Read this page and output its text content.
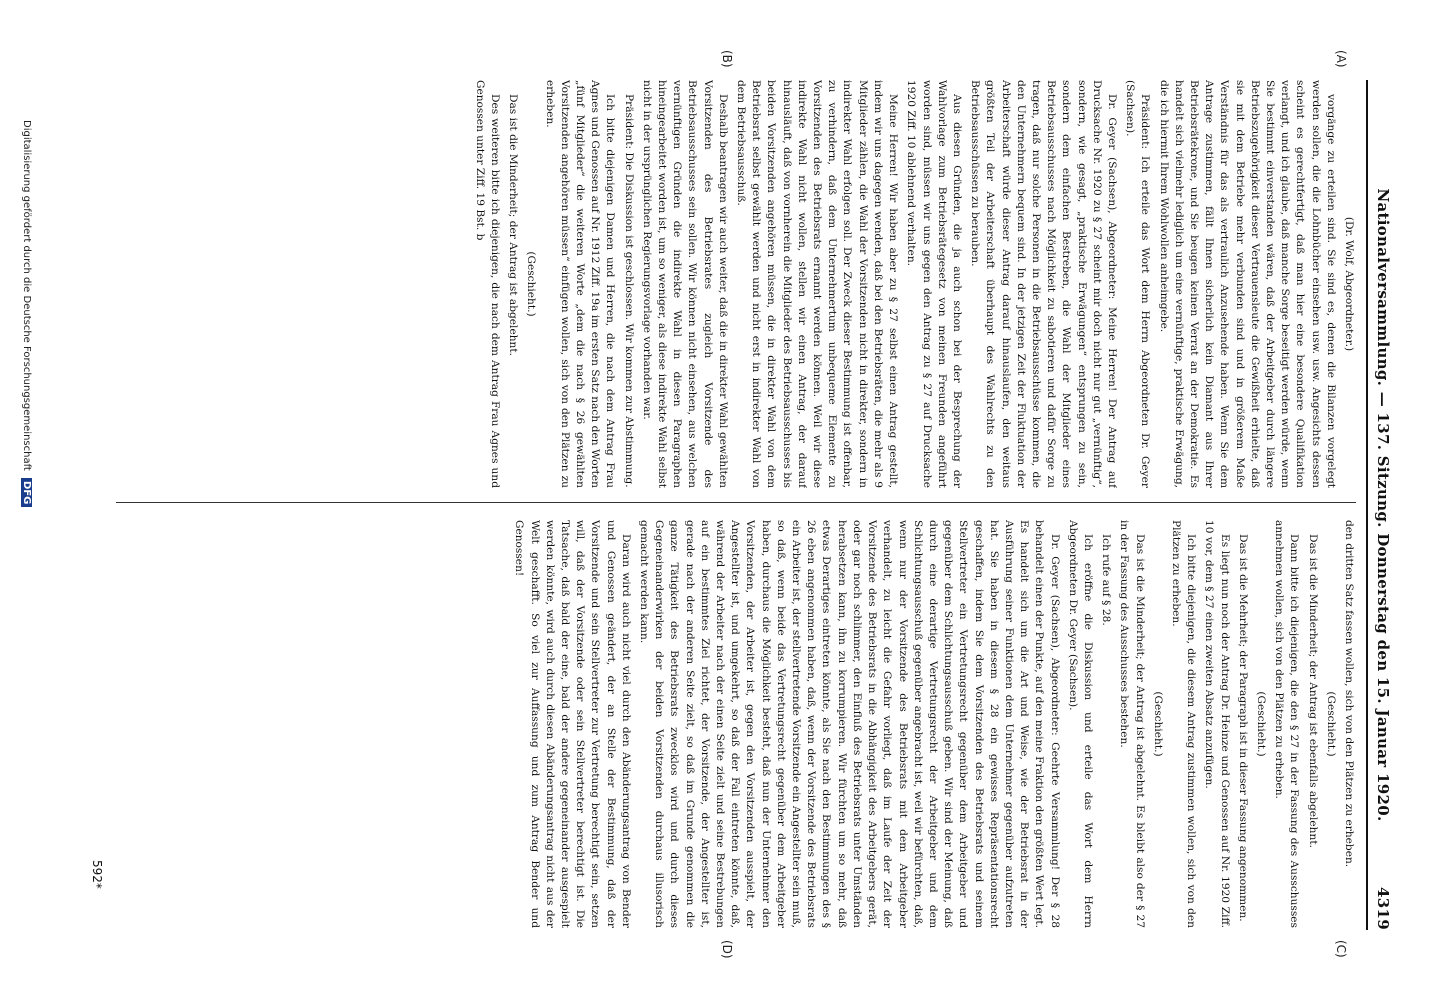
Nationalversammlung. — 137. Sitzung. Donnerstag den 15. Januar 1920.
4319
(A)
(B)
(C)
(D)

(Dr. Wolf, Abgeordneter.)

vorgänge zu erteilen sind. Sie sind es, denen die Bilanzen vorgelegt werden sollen, die die Lohnbücher einsehen usw. usw. Angesichts dessen scheint es gerechtfertigt, daß man hier eine besondere Qualifikation verlangt, und ich glaube, daß manche Sorge beseitigt werden würde, wenn Sie bestimmt einverstanden wären, daß der Arbeitgeber durch längere Betriebszugehörigkeit dieser Vertrauensleute die Gewißheit erhielte, daß sie mit dem Betriebe mehr verbunden sind und in größerem Maße Verständnis für das als vertraulich Anzusehende haben. Wenn Sie dem Antrage zustimmen, fällt Ihnen sicherlich kein Diamant aus Ihrer Betriebsrätekrone, und Sie beugen keinen Verrat an der Demokratie. Es handelt sich vielmehr lediglich um eine vernünftige, praktische Erwägung, die ich hiermit Ihrem Wohlwollen anheimgebe.

Präsident: Ich erteile das Wort dem Herrn Abgeordneten Dr. Geyer (Sachsen).

Dr. Geyer (Sachsen), Abgeordneter: Meine Herren! Der Antrag auf Drucksache Nr. 1920 zu § 27 scheint mir doch nicht nur gut „vernünftig“, sondern, wie gesagt, „praktische Erwägungen“ entsprungen zu sein, sondern dem einfachen Bestreben, die Wahl der Mitglieder eines Betriebsausschusses nach Möglichkeit zu sabotieren und dafür Sorge zu tragen, daß nur solche Personen in die Betriebsausschüsse kommen, die den Unternehmern bequem sind. In der jetzigen Zeit der Fluktuation der Arbeiterschaft würde dieser Antrag darauf hinauslaufen, den weitaus größten Teil der Arbeiterschaft überhaupt des Wahlrechts zu den Betriebsausschüssen zu berauben.

Aus diesen Gründen, die ja auch schon bei der Besprechung der Wahlvorlage zum Betriebsrätegesetz von meinen Freunden angeführt worden sind, müssen wir uns gegen den Antrag zu § 27 auf Drucksache 1920 Ziff. 10 ablehnend verhalten.

Meine Herren! Wir haben aber zu § 27 selbst einen Antrag gestellt, indem wir uns dagegen wenden, daß bei den Betriebsräten, die mehr als 9 Mitglieder zählen, die Wahl der Vorsitzenden nicht in direkter, sondern in indirekter Wahl erfolgen soll. Der Zweck dieser Bestimmung ist offenbar, zu verhindern, daß dem Unternehmertum unbequeme Elemente zu Vorsitzenden des Betriebsrats ernannt werden können. Weil wir diese indirekte Wahl nicht wollen, stellen wir einen Antrag, der darauf hinausläuft, daß von vornherein die Mitglieder des Betriebsausschusses bis beiden Vorsitzenden angehören müssen, die in direkter Wahl von dem Betriebsrat selbst gewählt werden und nicht erst in indirekter Wahl von dem Betriebsausschuß.

Deshalb beantragen wir auch weiter, daß die in direkter Wahl gewählten Vorsitzenden des Betriebsrates zugleich Vorsitzende des Betriebsausschusses sein sollen. Wir können nicht einsehen, aus welchen vernünftigen Gründen die indirekte Wahl in diesen Paragraphen hineingearbeitet worden ist, um so weniger, als diese indirekte Wahl selbst nicht in der ursprünglichen Regierungsvorlage vorhanden war.

Präsident: Die Diskussion ist geschlossen. Wir kommen zur Abstimmung.

Ich bitte diejenigen Damen und Herren, die nach dem Antrag Frau Agnes und Genossen auf Nr. 1912 Ziff. 19a im ersten Satz nach den Worten „fünf Mitglieder“ die weiteren Worte „dem die nach § 26 gewählten Vorsitzenden angehören müssen“ einfügen wollen, sich von den Plätzen zu erheben.

(Geschieht.)

Das ist die Minderheit; der Antrag ist abgelehnt.

Des weiteren bitte ich diejenigen, die nach dem Antrag Frau Agnes und Genossen unter Ziff. 19 Bst. b

den dritten Satz fassen wollen, sich von den Plätzen zu erheben.

(Geschieht.)

Das ist die Minderheit; der Antrag ist ebenfalls abgelehnt.

Dann bitte ich diejenigen, die den § 27 in der Fassung des Ausschusses annehmen wollen, sich von den Plätzen zu erheben.

(Geschieht.)

Das ist die Mehrheit; der Paragraph ist in dieser Fassung angenommen.

Es liegt nun noch der Antrag Dr. Heinze und Genossen auf Nr. 1920 Ziff. 10 vor, dem § 27 einen zweiten Absatz anzufügen.

Ich bitte diejenigen, die diesem Antrag zustimmen wollen, sich von den Plätzen zu erheben.

(Geschieht.)

Das ist die Minderheit; der Antrag ist abgelehnt. Es bleibt also der § 27 in der Fassung des Ausschusses bestehen.

Ich rufe auf § 28.

Ich eröffne die Diskussion und erteile das Wort dem Herrn Abgeordneten Dr. Geyer (Sachsen).

Dr. Geyer (Sachsen), Abgeordneter: Geehrte Versammlung! Der § 28 behandelt einen der Punkte, auf den meine Fraktion den größten Wert legt. Es handelt sich um die Art und Weise, wie der Betriebsrat in der Ausführung seiner Funktionen dem Unternehmer gegenüber aufzutreten hat. Sie haben in diesem § 28 ein gewisses Repräsentationsrecht geschaffen, indem Sie dem Vorsitzenden des Betriebsrats und seinem Stellvertreter ein Vertretungsrecht gegenüber dem Arbeitgeber und gegenüber dem Schlichtungsausschuß geben. Wir sind der Meinung, daß durch eine derartige Vertretungsrecht der Arbeitgeber und dem Schlichtungsausschuß gegenüber angebracht ist, weil wir befürchten, daß, wenn nur der Vorsitzende des Betriebsrats mit dem Arbeitgeber verhandelt, zu leicht die Gefahr vorliegt, daß im Laufe der Zeit der Vorsitzende des Betriebsrats in die Abhängigkeit des Arbeitgebers gerät, oder gar noch schlimmer, den Einfluß des Betriebsrats unter Umständen herabsetzen kann, ihn zu korrumpieren. Wir fürchten um so mehr, daß etwas Derartiges eintreten könnte, als Sie nach den Bestimmungen des § 26 eben angenommen haben, daß, wenn der Vorsitzende des Betriebsrats ein Arbeiter ist, der stellvertretende Vorsitzende ein Angestellter sein muß, so daß, wenn beide das Vertretungsrecht gegenüber dem Arbeitgeber haben, durchaus die Möglichkeit besteht, daß nun der Unternehmer den Vorsitzenden, der Arbeiter ist, gegen den Vorsitzenden ausspielt, der Angestellter ist, und umgekehrt, so daß der Fall eintreten könnte, daß, während der Arbeiter nach der einen Seite zielt und seine Bestrebungen auf ein bestimmtes Ziel richtet, der Vorsitzende, der Angestellter ist, gerade nach der anderen Seite zielt, so daß im Grunde genommen die ganze Tätigkeit des Betriebsrats zwecklos wird und durch dieses Gegeneinanderwirken der beiden Vorsitzenden durchaus illusorisch gemacht werden kann.

Daran wird auch nicht viel durch den Abänderungsantrag von Bender und Genossen geändert, der an Stelle der Bestimmung, daß der Vorsitzende und sein Stellvertreter zur Vertretung berechtigt sein, setzen will, daß der Vorsitzende oder sein Stellvertreter berechtigt ist. Die Tatsache, daß bald der eine, bald der andere gegeneinander ausgespielt werden könnte, wird auch durch diesen Abänderungsantrag nicht aus der Welt geschafft. So viel zur Auffassung und zum Antrag Bender und Genossen!

592*
Digitalisierung gefördert durch die Deutsche Forschungsgemeinschaft DFG
